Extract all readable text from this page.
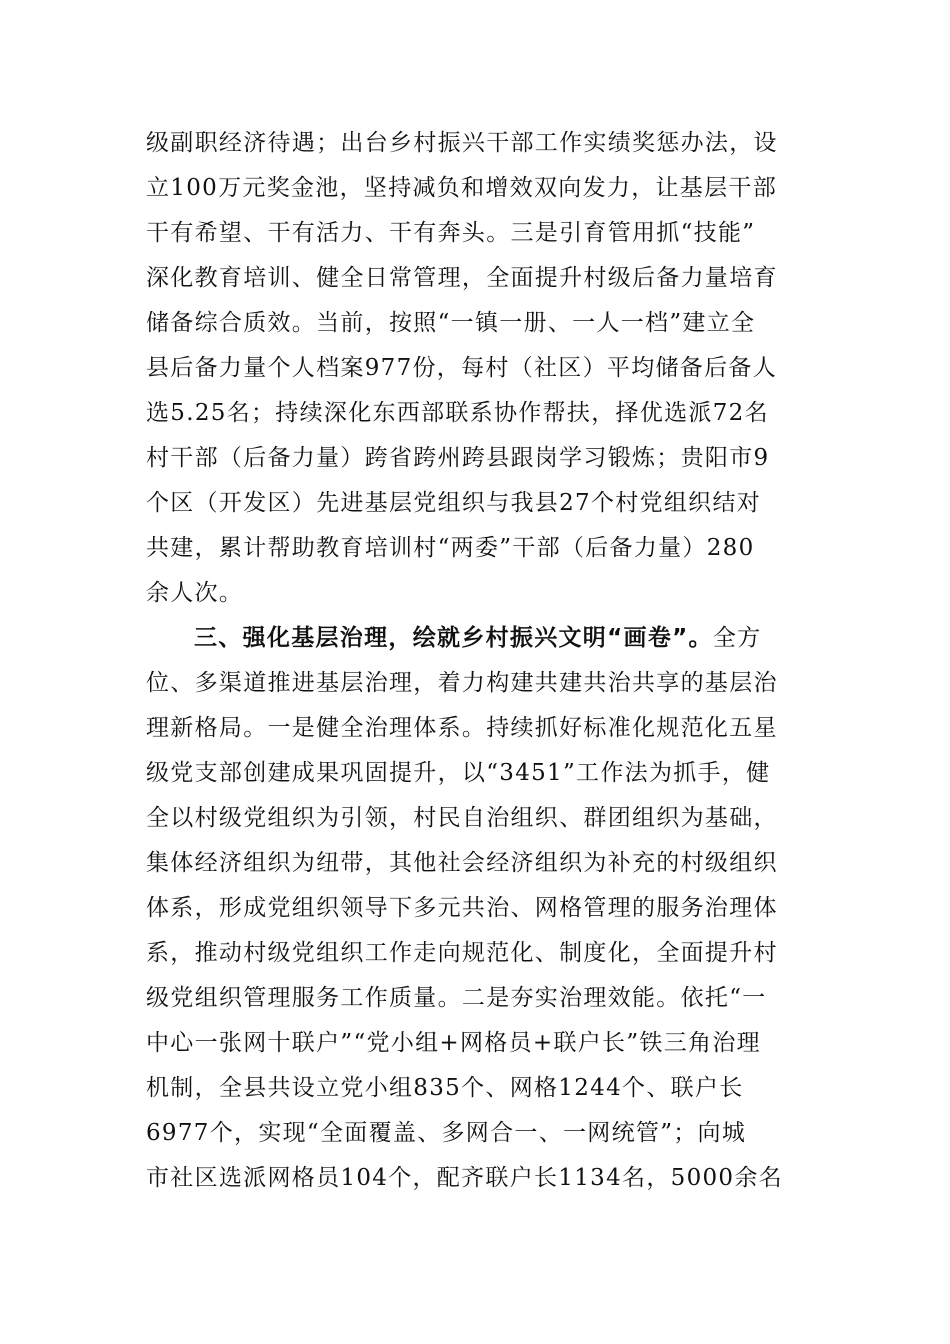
级副职经济待遇；出台乡村振兴干部工作实绩奖惩办法，设
立100万元奖金池，坚持减负和增效双向发力，让基层干部
干有希望、干有活力、干有奔头。三是引育管用抓“技能”
深化教育培训、健全日常管理，全面提升村级后备力量培育
储备综合质效。当前，按照“一镇一册、一人一档”建立全
县后备力量个人档案977份，每村（社区）平均储备后备人
选5.25名；持续深化东西部联系协作帮扶，择优选派72名
村干部（后备力量）跨省跨州跨县跟岗学习锻炼；贵阳市9
个区（开发区）先进基层党组织与我县27个村党组织结对
共建，累计帮助教育培训村“两委”干部（后备力量）280
余人次。
三、强化基层治理，绘就乡村振兴文明“画卷”。全方
位、多渠道推进基层治理，着力构建共建共治共享的基层治
理新格局。一是健全治理体系。持续抓好标准化规范化五星
级党支部创建成果巩固提升，以“3451”工作法为抓手，健
全以村级党组织为引领，村民自治组织、群团组织为基础，
集体经济组织为纽带，其他社会经济组织为补充的村级组织
体系，形成党组织领导下多元共治、网格管理的服务治理体
系，推动村级党组织工作走向规范化、制度化，全面提升村
级党组织管理服务工作质量。二是夯实治理效能。依托“一
中心一张网十联户”“党小组+网格员+联户长”铁三角治理
机制，全县共设立党小组835个、网格1244个、联户长
6977个，实现“全面覆盖、多网合一、一网统管”；向城
市社区选派网格员104个，配齐联户长1134名，5000余名
